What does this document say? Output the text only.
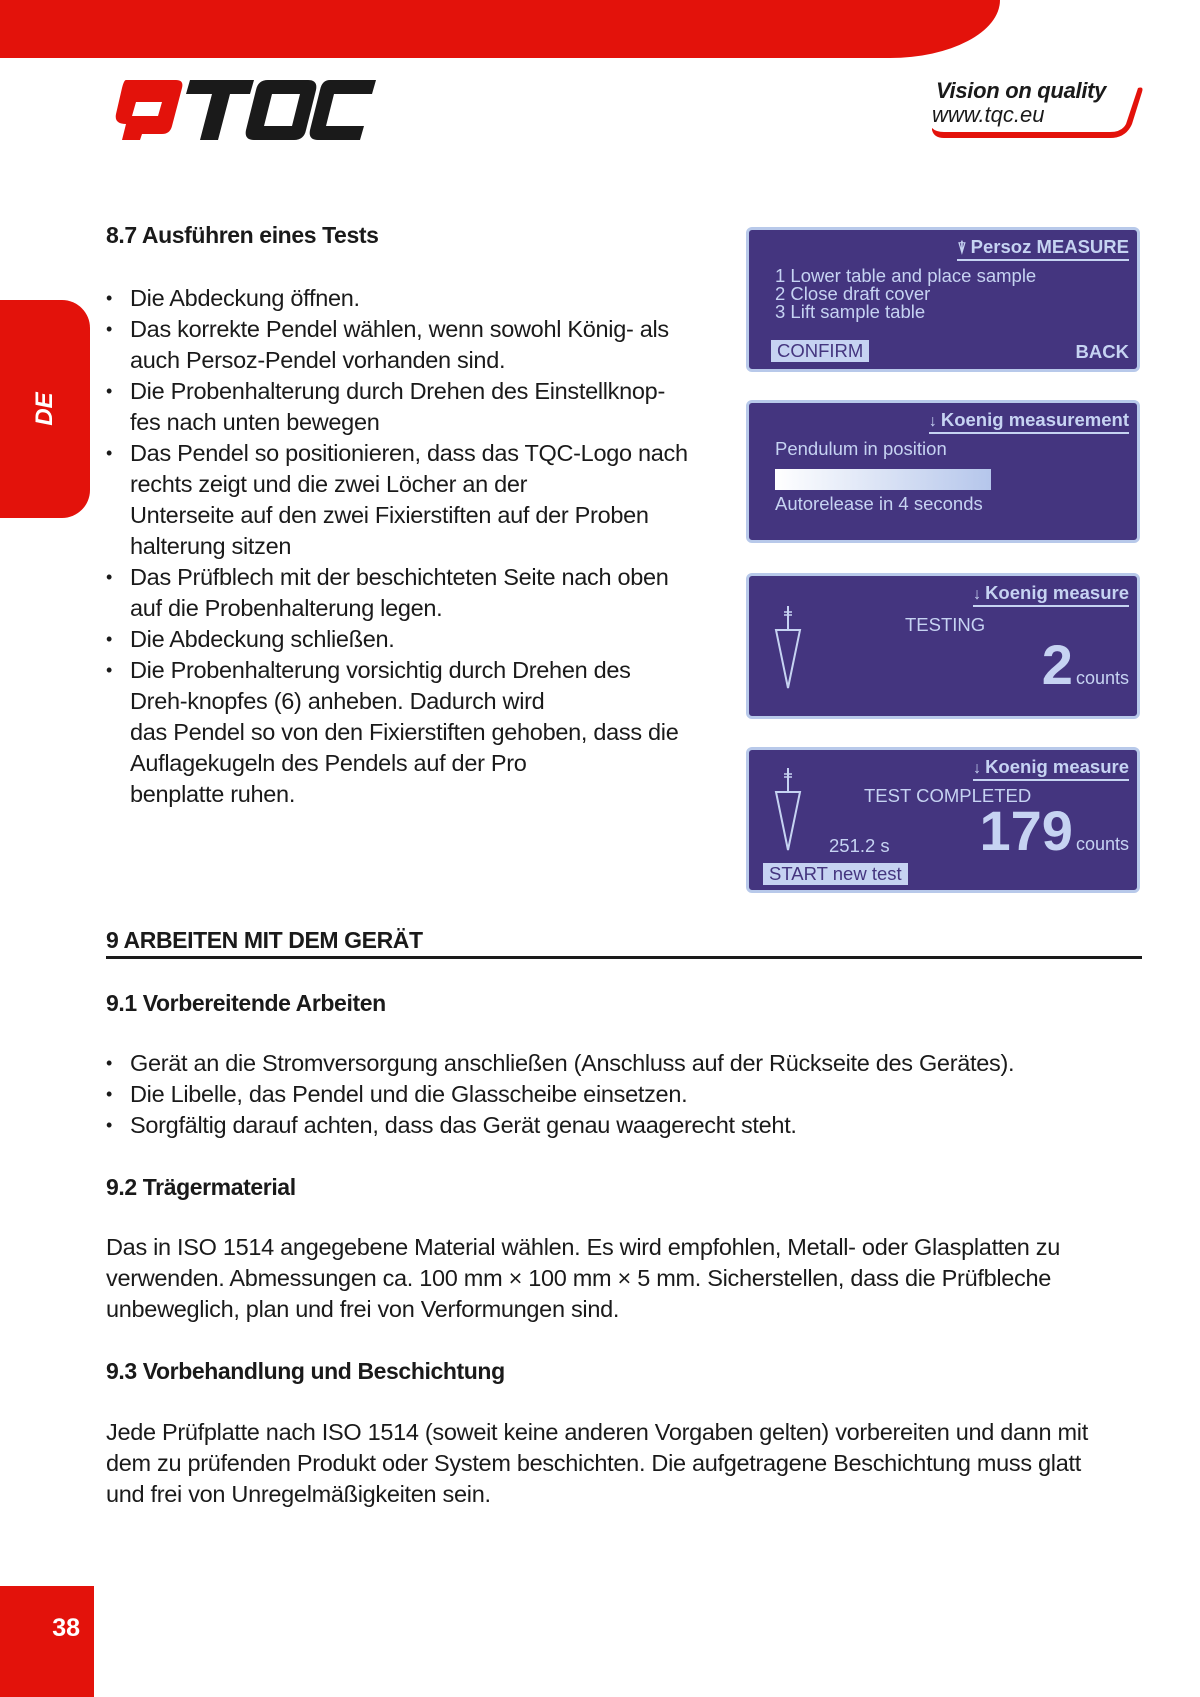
Vision on quality
www.tqc.eu
DE
8.7 Ausführen eines Tests
• Die Abdeckung öffnen.
• Das korrekte Pendel wählen, wenn sowohl König- als
auch Persoz-Pendel vorhanden sind.
• Die Probenhalterung durch Drehen des Einstellknop-
fes nach unten bewegen
• Das Pendel so positionieren, dass das TQC-Logo nach
rechts zeigt und die zwei Löcher an der
Unterseite auf den zwei Fixierstiften auf der Proben
halterung sitzen
• Das Prüfblech mit der beschichteten Seite nach oben
auf die Probenhalterung legen.
• Die Abdeckung schließen.
• Die Probenhalterung vorsichtig durch Drehen des
Dreh-knopfes (6) anheben. Dadurch wird
das Pendel so von den Fixierstiften gehoben, dass die
Auflagekugeln des Pendels auf der Pro
benplatte ruhen.
⍒ Persoz MEASURE
1 Lower table and place sample
2 Close draft cover
3 Lift sample table
CONFIRM	BACK
↓ Koenig measurement
Pendulum in position
Autorelease in 4 seconds
↓ Koenig measure
TESTING
2 counts
↓ Koenig measure
TEST COMPLETED
251.2 s 179 counts
START new test
9 ARBEITEN MIT DEM GERÄT
9.1 Vorbereitende Arbeiten
• Gerät an die Stromversorgung anschließen (Anschluss auf der Rückseite des Gerätes).
• Die Libelle, das Pendel und die Glasscheibe einsetzen.
• Sorgfältig darauf achten, dass das Gerät genau waagerecht steht.
9.2 Trägermaterial

Das in ISO 1514 angegebene Material wählen. Es wird empfohlen, Metall- oder Glasplatten zu
verwenden. Abmessungen ca. 100 mm × 100 mm × 5 mm. Sicherstellen, dass die Prüfbleche
unbeweglich, plan und frei von Verformungen sind.

9.3 Vorbehandlung und Beschichtung

Jede Prüfplatte nach ISO 1514 (soweit keine anderen Vorgaben gelten) vorbereiten und dann mit
dem zu prüfenden Produkt oder System beschichten. Die aufgetragene Beschichtung muss glatt
und frei von Unregelmäßigkeiten sein.

38
